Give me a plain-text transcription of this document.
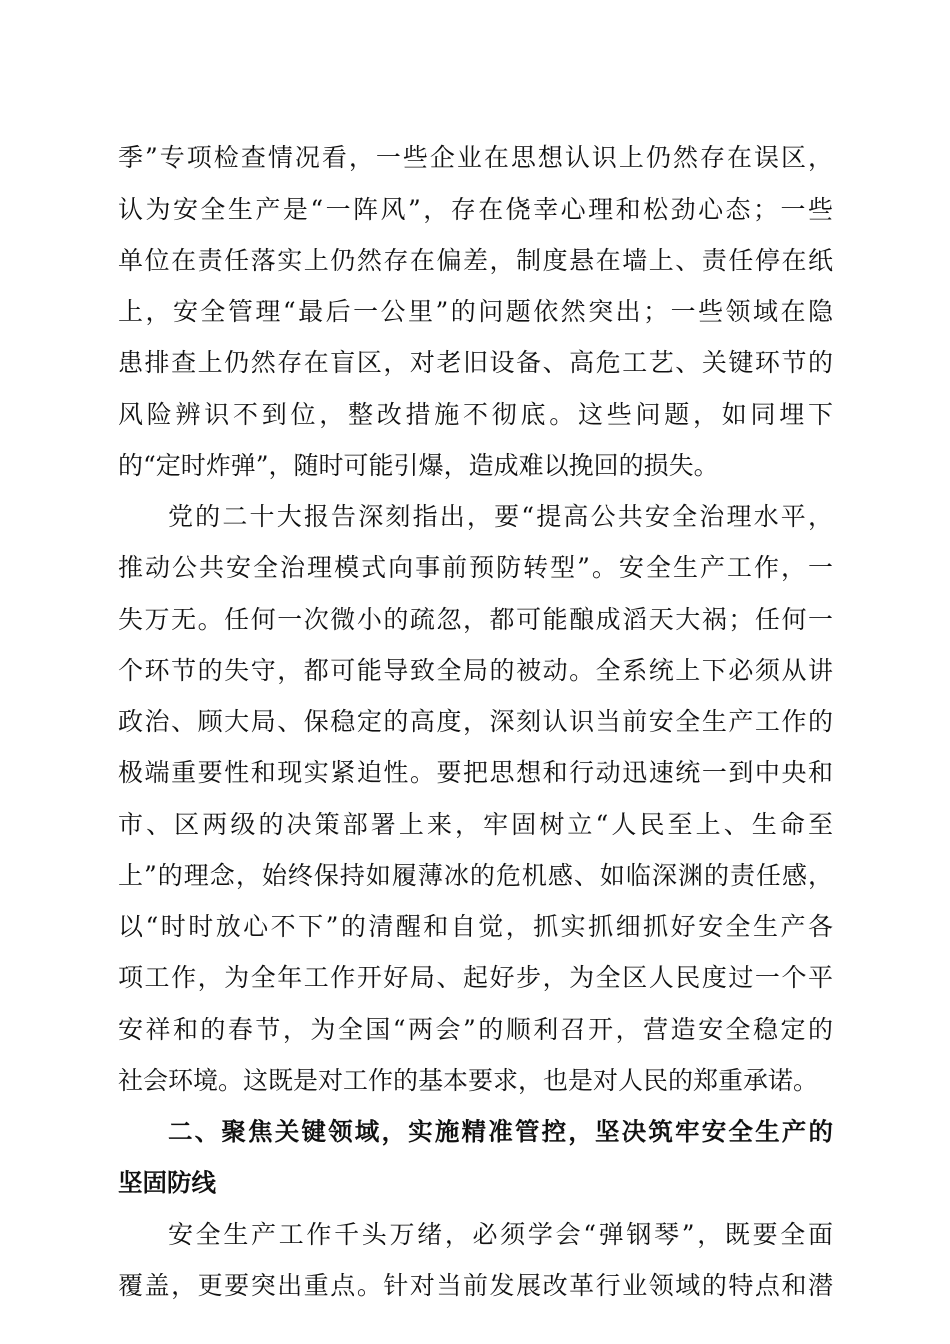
季”专项检查情况看，一些企业在思想认识上仍然存在误区，
认为安全生产是“一阵风”，存在侥幸心理和松劲心态；一些
单位在责任落实上仍然存在偏差，制度悬在墙上、责任停在纸
上，安全管理“最后一公里”的问题依然突出；一些领域在隐
患排查上仍然存在盲区，对老旧设备、高危工艺、关键环节的
风险辨识不到位，整改措施不彻底。这些问题，如同埋下
的“定时炸弹”，随时可能引爆，造成难以挽回的损失。
党的二十大报告深刻指出，要“提高公共安全治理水平，
推动公共安全治理模式向事前预防转型”。安全生产工作，一
失万无。任何一次微小的疏忽，都可能酿成滔天大祸；任何一
个环节的失守，都可能导致全局的被动。全系统上下必须从讲
政治、顾大局、保稳定的高度，深刻认识当前安全生产工作的
极端重要性和现实紧迫性。要把思想和行动迅速统一到中央和
市、区两级的决策部署上来，牢固树立“人民至上、生命至
上”的理念，始终保持如履薄冰的危机感、如临深渊的责任感，
以“时时放心不下”的清醒和自觉，抓实抓细抓好安全生产各
项工作，为全年工作开好局、起好步，为全区人民度过一个平
安祥和的春节，为全国“两会”的顺利召开，营造安全稳定的
社会环境。这既是对工作的基本要求，也是对人民的郑重承诺。
二、聚焦关键领域，实施精准管控，坚决筑牢安全生产的
坚固防线
安全生产工作千头万绪，必须学会“弹钢琴”，既要全面
覆盖，更要突出重点。针对当前发展改革行业领域的特点和潜
